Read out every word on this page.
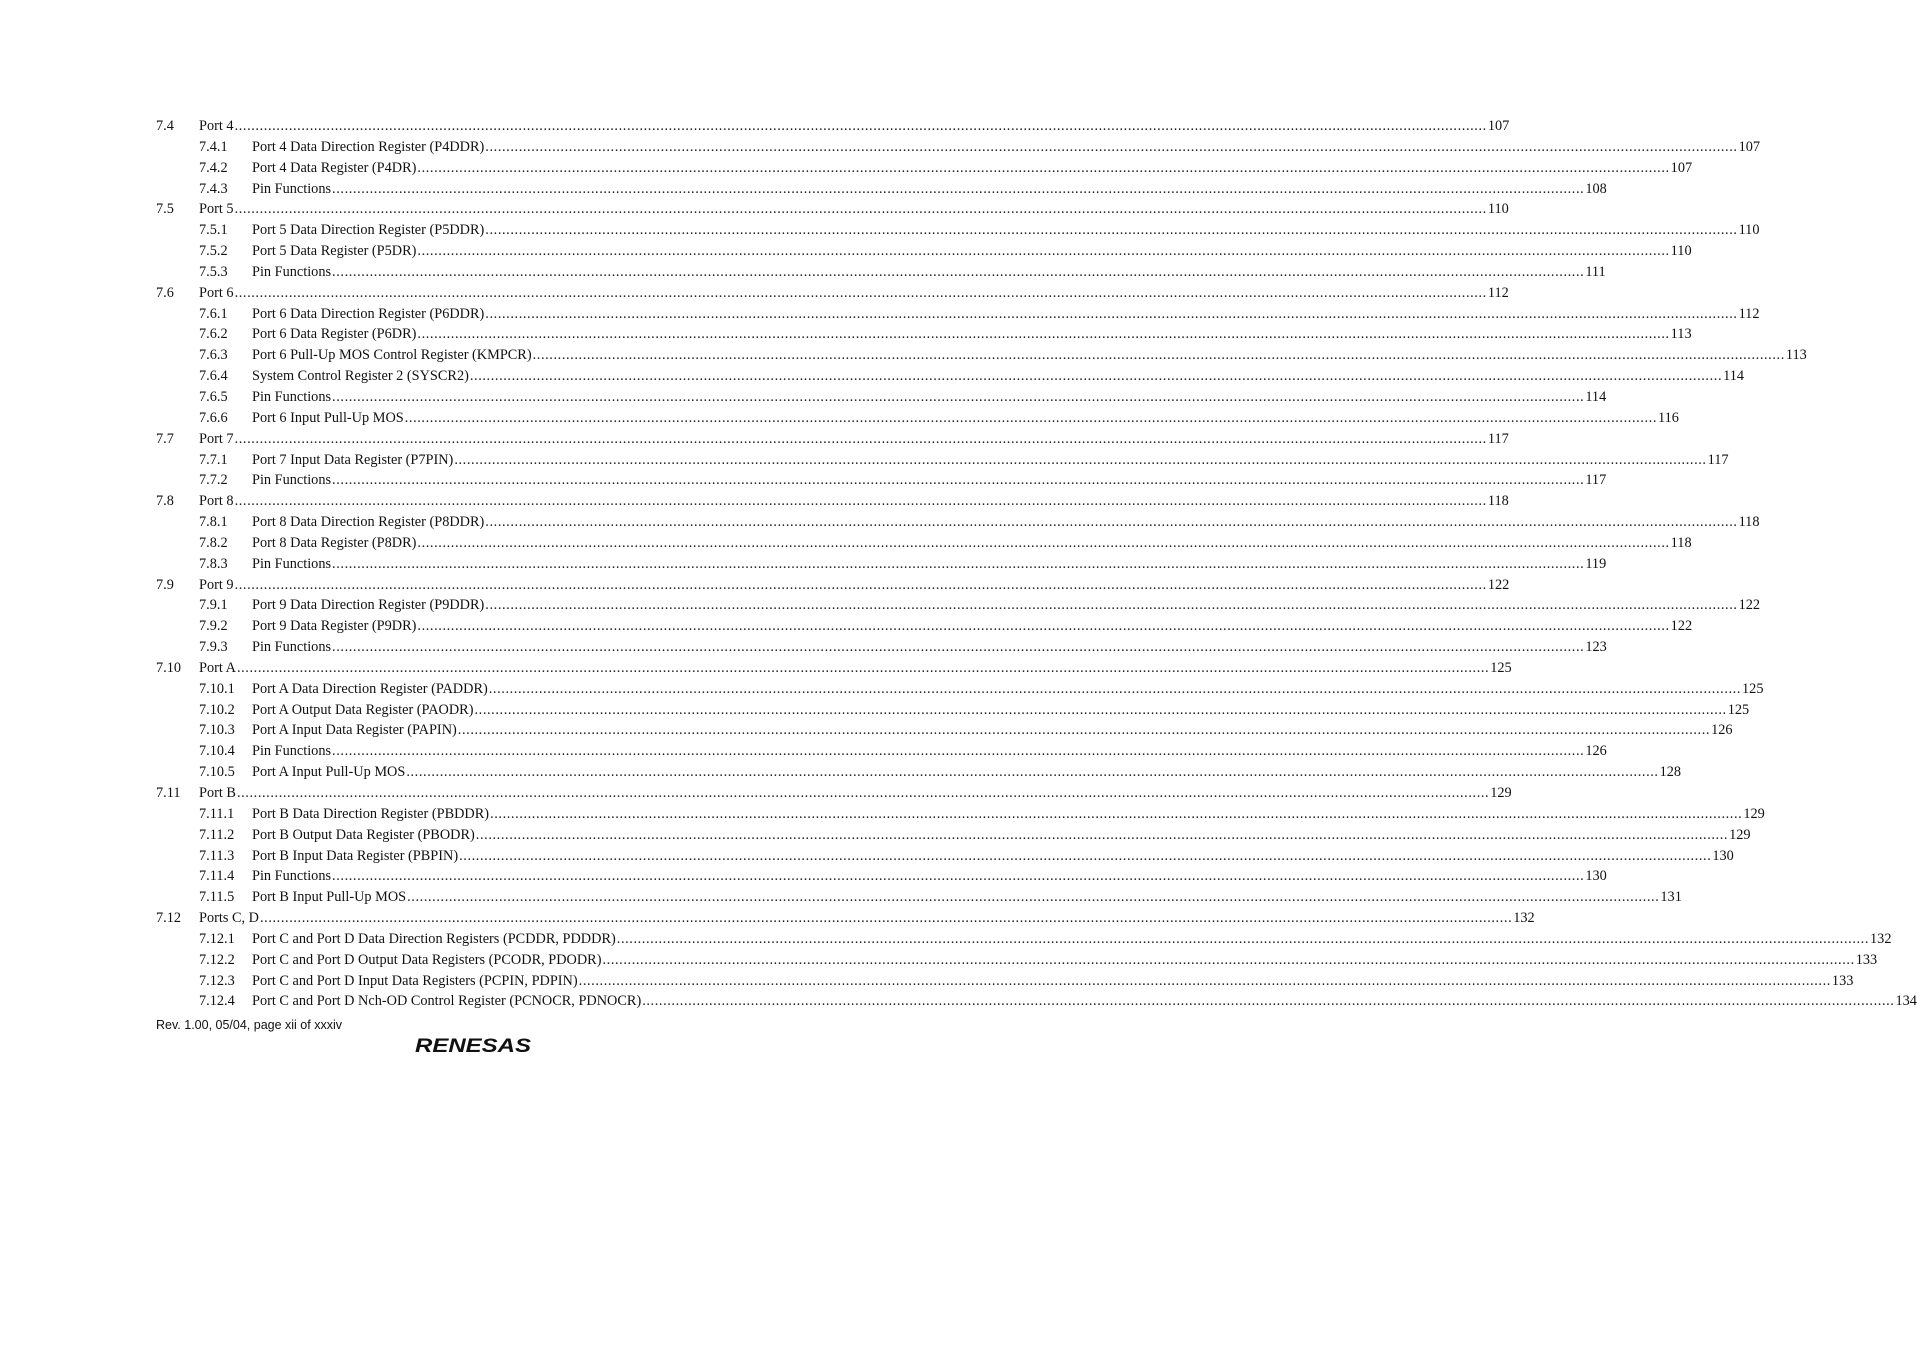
7.4 Port 4 ............................................................................................................................................................................................................................................................................................................ 107
7.4.1 Port 4 Data Direction Register (P4DDR) ............................................................................................................................................................................................................................................................................................................ 107
7.4.2 Port 4 Data Register (P4DR) ............................................................................................................................................................................................................................................................................................................ 107
7.4.3 Pin Functions ............................................................................................................................................................................................................................................................................................................ 108
7.5 Port 5 ............................................................................................................................................................................................................................................................................................................ 110
7.5.1 Port 5 Data Direction Register (P5DDR) ............................................................................................................................................................................................................................................................................................................ 110
7.5.2 Port 5 Data Register (P5DR) ............................................................................................................................................................................................................................................................................................................ 110
7.5.3 Pin Functions ............................................................................................................................................................................................................................................................................................................ 111
7.6 Port 6 ............................................................................................................................................................................................................................................................................................................ 112
7.6.1 Port 6 Data Direction Register (P6DDR) ............................................................................................................................................................................................................................................................................................................ 112
7.6.2 Port 6 Data Register (P6DR) ............................................................................................................................................................................................................................................................................................................ 113
7.6.3 Port 6 Pull-Up MOS Control Register (KMPCR) ............................................................................................................................................................................................................................................................................................................ 113
7.6.4 System Control Register 2 (SYSCR2) ............................................................................................................................................................................................................................................................................................................ 114
7.6.5 Pin Functions ............................................................................................................................................................................................................................................................................................................ 114
7.6.6 Port 6 Input Pull-Up MOS ............................................................................................................................................................................................................................................................................................................ 116
7.7 Port 7 ............................................................................................................................................................................................................................................................................................................ 117
7.7.1 Port 7 Input Data Register (P7PIN) ............................................................................................................................................................................................................................................................................................................ 117
7.7.2 Pin Functions ............................................................................................................................................................................................................................................................................................................ 117
7.8 Port 8 ............................................................................................................................................................................................................................................................................................................ 118
7.8.1 Port 8 Data Direction Register (P8DDR) ............................................................................................................................................................................................................................................................................................................ 118
7.8.2 Port 8 Data Register (P8DR) ............................................................................................................................................................................................................................................................................................................ 118
7.8.3 Pin Functions ............................................................................................................................................................................................................................................................................................................ 119
7.9 Port 9 ............................................................................................................................................................................................................................................................................................................ 122
7.9.1 Port 9 Data Direction Register (P9DDR) ............................................................................................................................................................................................................................................................................................................ 122
7.9.2 Port 9 Data Register (P9DR) ............................................................................................................................................................................................................................................................................................................ 122
7.9.3 Pin Functions ............................................................................................................................................................................................................................................................................................................ 123
7.10 Port A ............................................................................................................................................................................................................................................................................................................ 125
7.10.1 Port A Data Direction Register (PADDR) ............................................................................................................................................................................................................................................................................................................ 125
7.10.2 Port A Output Data Register (PAODR) ............................................................................................................................................................................................................................................................................................................ 125
7.10.3 Port A Input Data Register (PAPIN) ............................................................................................................................................................................................................................................................................................................ 126
7.10.4 Pin Functions ............................................................................................................................................................................................................................................................................................................ 126
7.10.5 Port A Input Pull-Up MOS ............................................................................................................................................................................................................................................................................................................ 128
7.11 Port B ............................................................................................................................................................................................................................................................................................................ 129
7.11.1 Port B Data Direction Register (PBDDR) ............................................................................................................................................................................................................................................................................................................ 129
7.11.2 Port B Output Data Register (PBODR) ............................................................................................................................................................................................................................................................................................................ 129
7.11.3 Port B Input Data Register (PBPIN) ............................................................................................................................................................................................................................................................................................................ 130
7.11.4 Pin Functions ............................................................................................................................................................................................................................................................................................................ 130
7.11.5 Port B Input Pull-Up MOS ............................................................................................................................................................................................................................................................................................................ 131
7.12 Ports C, D ............................................................................................................................................................................................................................................................................................................ 132
7.12.1 Port C and Port D Data Direction Registers (PCDDR, PDDDR) ............................................................................................................................................................................................................................................................................................................ 132
7.12.2 Port C and Port D Output Data Registers (PCODR, PDODR) ............................................................................................................................................................................................................................................................................................................ 133
7.12.3 Port C and Port D Input Data Registers (PCPIN, PDPIN) ............................................................................................................................................................................................................................................................................................................ 133
7.12.4 Port C and Port D Nch-OD Control Register (PCNOCR, PDNOCR) ............................................................................................................................................................................................................................................................................................................ 134
Rev. 1.00, 05/04, page xii of xxxiv
RENESAS
